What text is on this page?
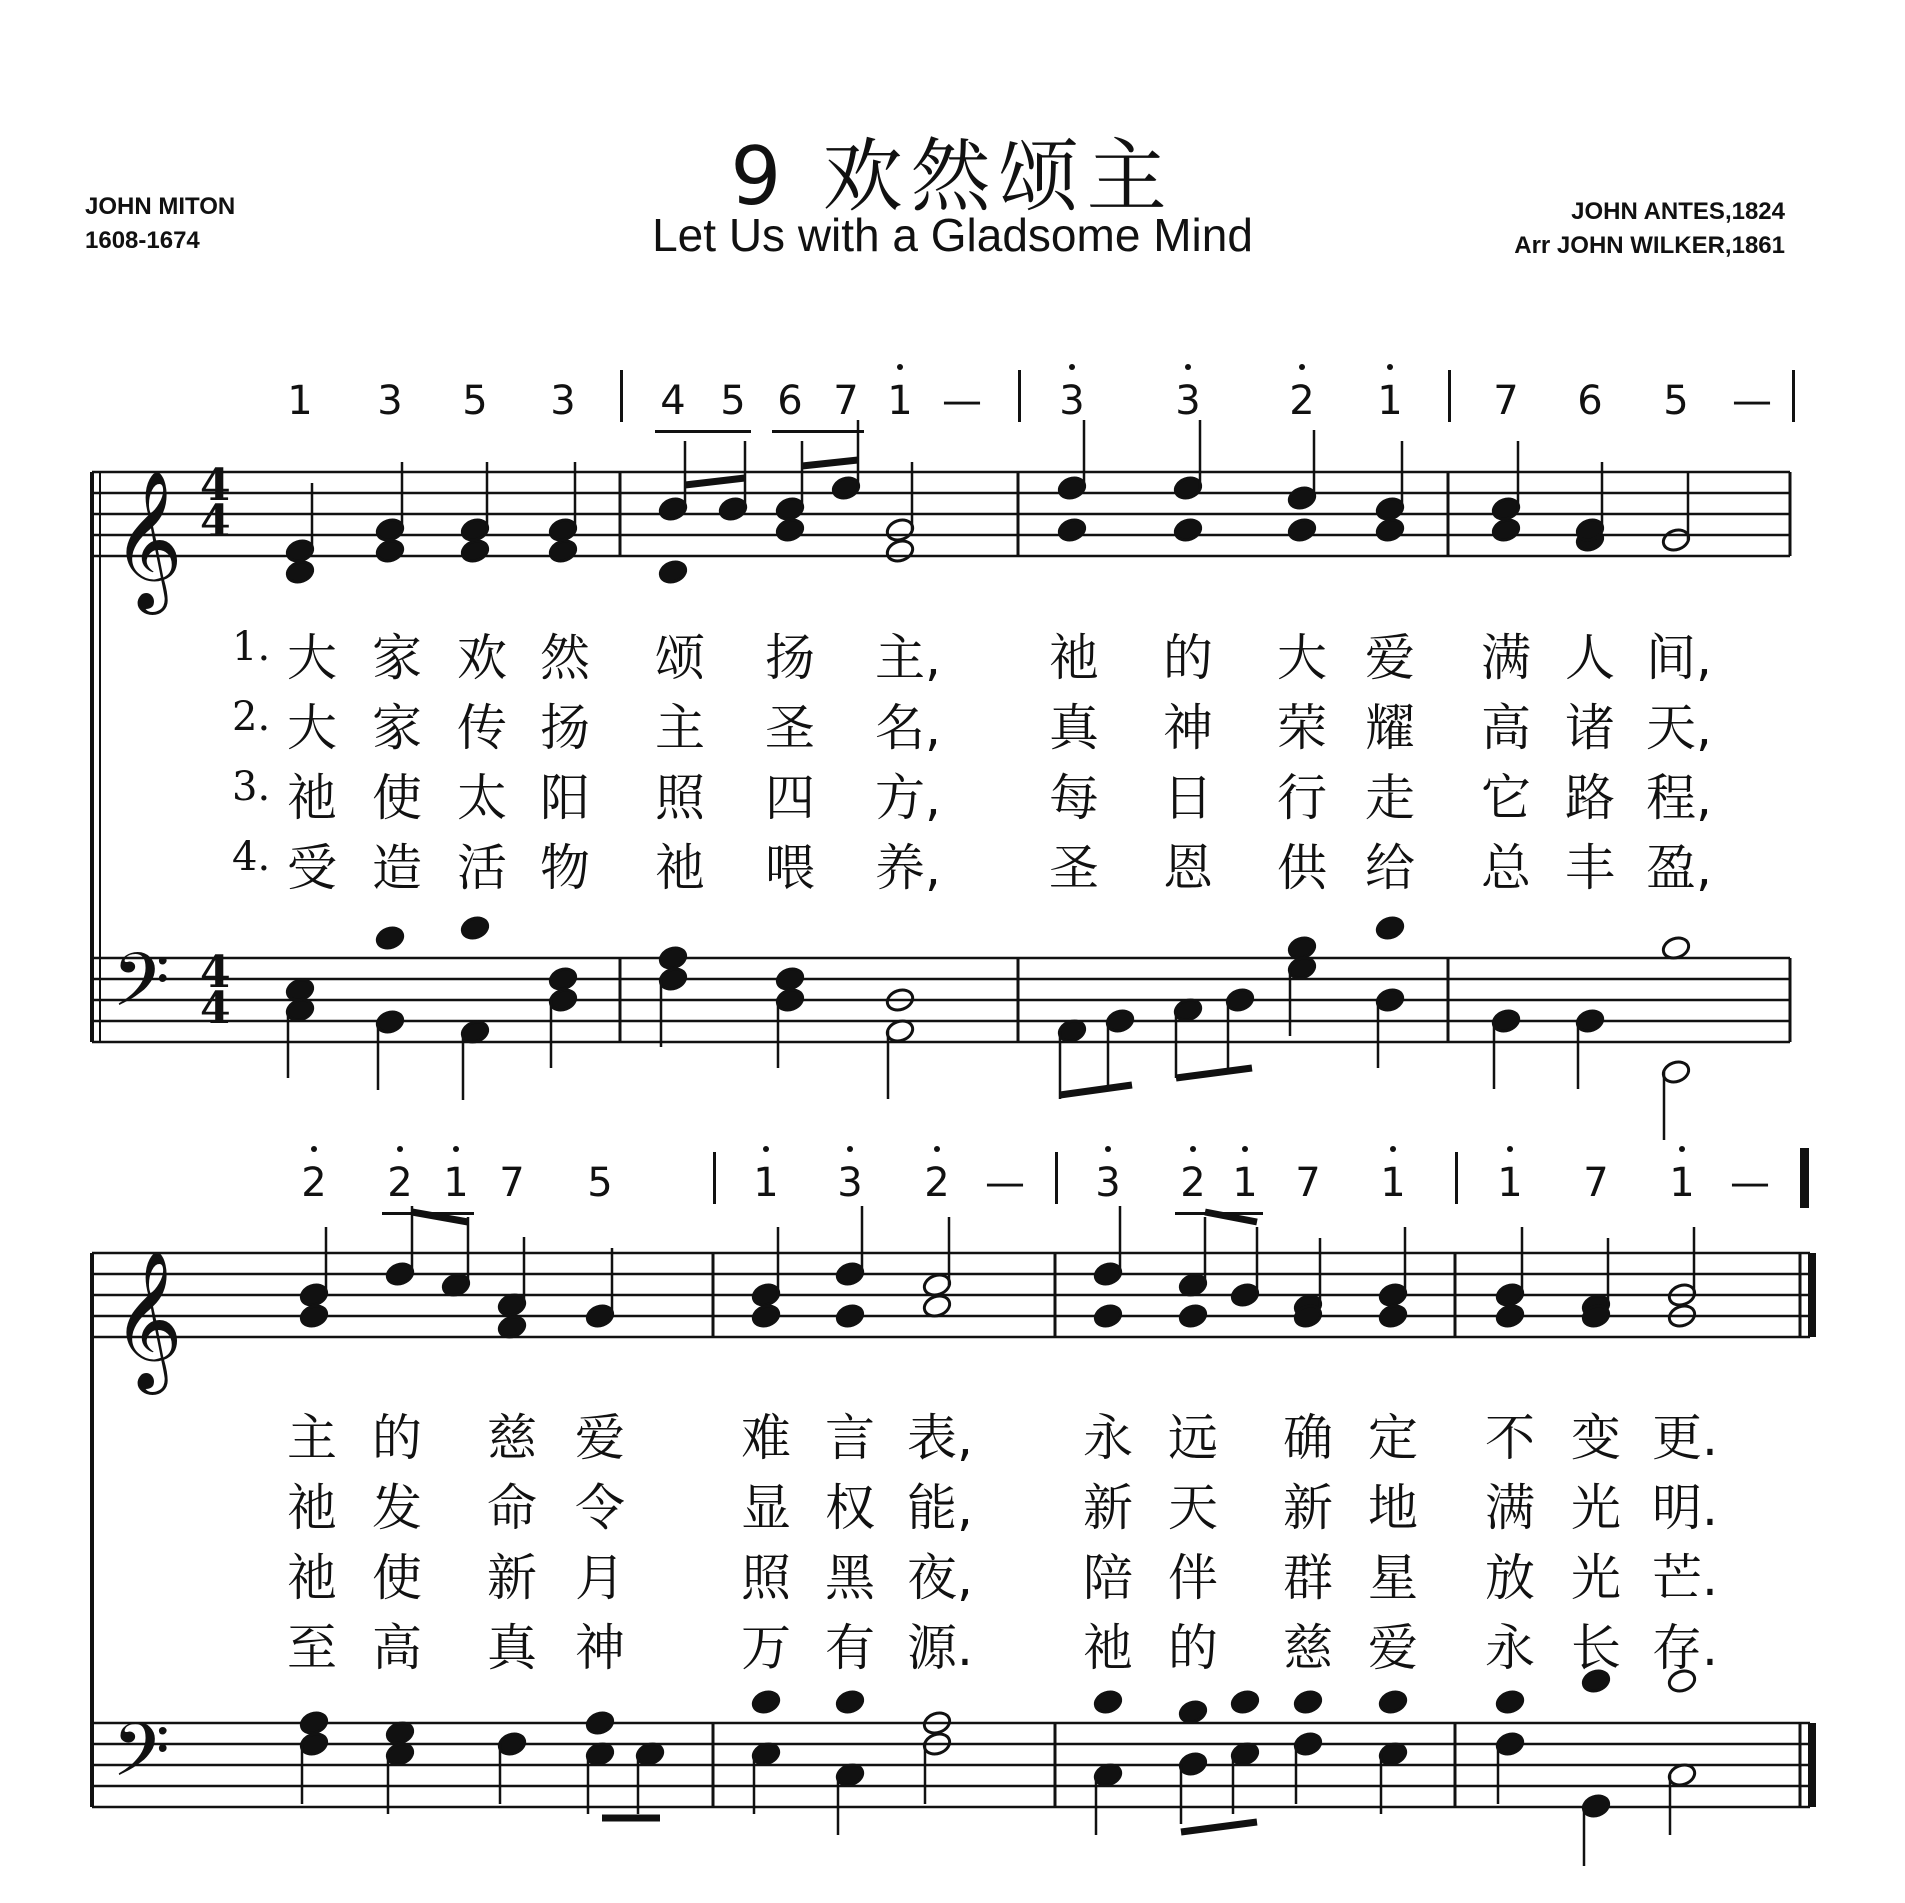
9 欢然颂主
Let Us with a Gladsome Mind
JOHN MITON
1608-1674
JOHN ANTES,1824
Arr JOHN WILKER,1861
1 3 5 3 4 5 6 7 1 — 3 3 2 1 7 6 5 —
2 2 1 7 5	1 3 2 — 3 2 1 7 1 1 7 1 —
𝄞
𝄢
𝄞
𝄢
4
4
4
4
1. 大 家 欢 然 颂 扬 主, 祂 的 大 爱 满 人 间,
2. 大 家 传 扬 主 圣 名, 真 神 荣 耀 高 诸 天,
3. 祂 使 太 阳 照 四 方, 每 日 行 走 它 路 程,
4. 受 造 活 物 祂 喂 养, 圣 恩 供 给 总 丰 盈,
主 的 慈 爱 难 言 表, 永 远 确 定 不 变 更.
祂 发 命 令 显 权 能, 新 天 新 地 满 光 明.
祂 使 新 月 照 黑 夜, 陪 伴 群 星 放 光 芒.
至 高 真 神 万 有 源. 祂 的 慈 爱 永 长 存.
